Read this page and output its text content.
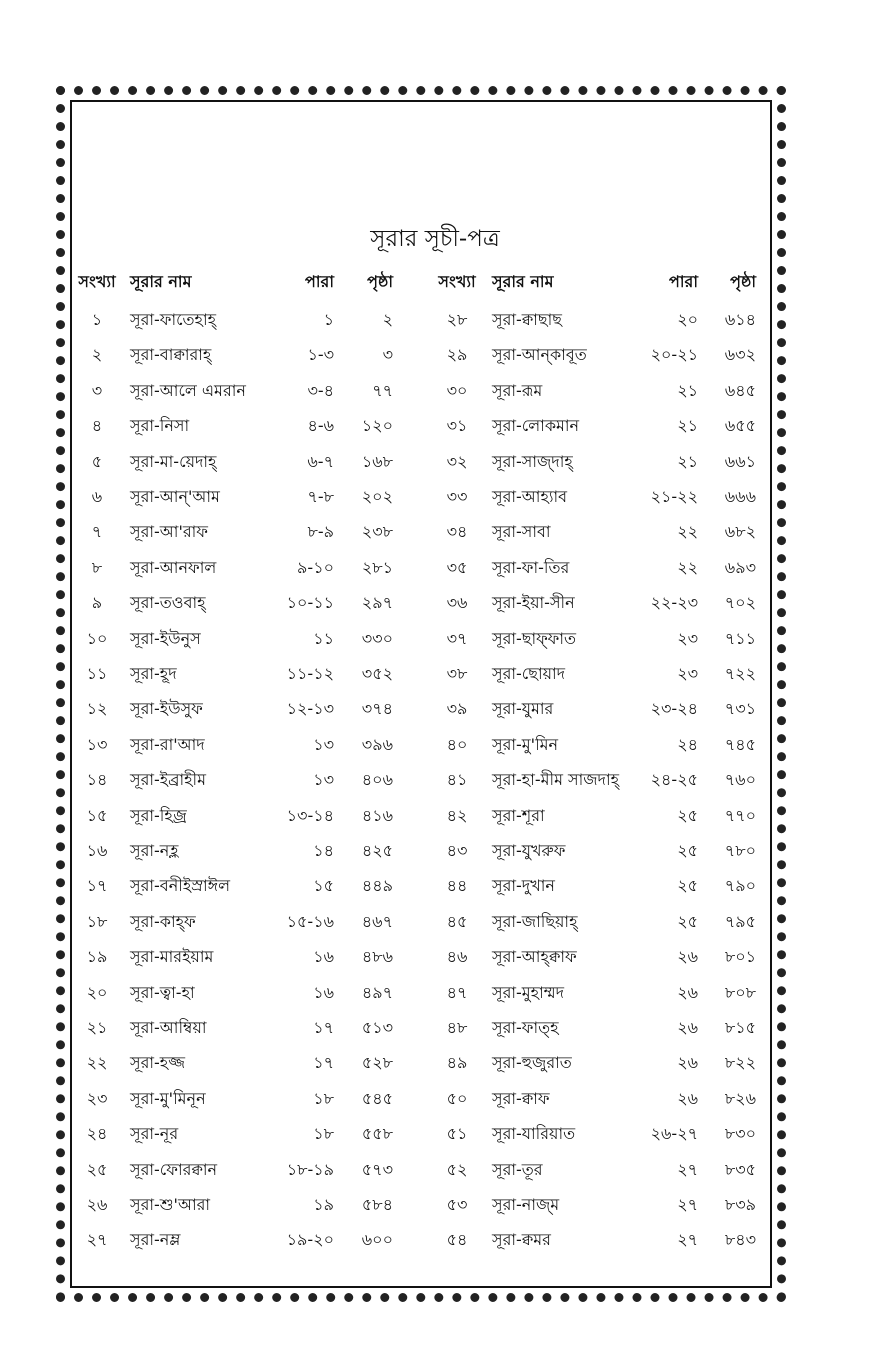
সূরার সূচী-পত্র
সংখ্যা সূরার নাম	পারা	পৃষ্ঠা	সংখ্যা সূরার নাম	পারা	পৃষ্ঠা
১	সূরা-ফাতেহাহ্	১	২	২৮	সূরা-ক্বাছাছ	২০	৬১৪
২	সূরা-বাক্বারাহ্	১-৩	৩	২৯	সূরা-আন্কাবূত	২০-২১	৬৩২
৩	সূরা-আলে এমরান	৩-৪	৭৭	৩০	সূরা-রূম	২১	৬৪৫
৪	সূরা-নিসা	৪-৬	১২০	৩১	সূরা-লোকমান	২১	৬৫৫
৫	সূরা-মা-য়েদাহ্	৬-৭	১৬৮	৩২	সূরা-সাজ্দাহ্	২১	৬৬১
৬	সূরা-আন্'আম	৭-৮	২০২	৩৩	সূরা-আহ্যাব	২১-২২	৬৬৬
৭	সূরা-আ'রাফ	৮-৯	২৩৮	৩৪	সূরা-সাবা	২২	৬৮২
৮	সূরা-আনফাল	৯-১০	২৮১	৩৫	সূরা-ফা-তির	২২	৬৯৩
৯	সূরা-তওবাহ্	১০-১১	২৯৭	৩৬	সূরা-ইয়া-সীন	২২-২৩	৭০২
১০	সূরা-ইউনুস	১১	৩৩০	৩৭	সূরা-ছাফ্ফাত	২৩	৭১১
১১	সূরা-হূদ	১১-১২	৩৫২	৩৮	সূরা-ছোয়াদ	২৩	৭২২
১২	সূরা-ইউসুফ	১২-১৩	৩৭৪	৩৯	সূরা-যুমার	২৩-২৪	৭৩১
১৩	সূরা-রা'আদ	১৩	৩৯৬	৪০	সূরা-মু'মিন	২৪	৭৪৫
১৪	সূরা-ইব্রাহীম	১৩	৪০৬	৪১	সূরা-হা-মীম সাজদাহ্	২৪-২৫	৭৬০
১৫	সূরা-হিজ্র	১৩-১৪	৪১৬	৪২	সূরা-শূরা	২৫	৭৭০
১৬	সূরা-নহ্ল	১৪	৪২৫	৪৩	সূরা-যুখরুফ	২৫	৭৮০
১৭	সূরা-বনীইস্রাঈল	১৫	৪৪৯	৪৪	সূরা-দুখান	২৫	৭৯০
১৮	সূরা-কাহ্ফ	১৫-১৬	৪৬৭	৪৫	সূরা-জাছিয়াহ্	২৫	৭৯৫
১৯	সূরা-মারইয়াম	১৬	৪৮৬	৪৬	সূরা-আহ্ক্বাফ	২৬	৮০১
২০	সূরা-ত্বা-হা	১৬	৪৯৭	৪৭	সূরা-মুহাম্মদ	২৬	৮০৮
২১	সূরা-আম্বিয়া	১৭	৫১৩	৪৮	সূরা-ফাত্হ	২৬	৮১৫
২২	সূরা-হজ্জ	১৭	৫২৮	৪৯	সূরা-হুজুরাত	২৬	৮২২
২৩	সূরা-মু'মিনূন	১৮	৫৪৫	৫০	সূরা-ক্বাফ	২৬	৮২৬
২৪	সূরা-নূর	১৮	৫৫৮	৫১	সূরা-যারিয়াত	২৬-২৭	৮৩০
২৫	সূরা-ফোরক্বান	১৮-১৯	৫৭৩	৫২	সূরা-তূর	২৭	৮৩৫
২৬	সূরা-শু'আরা	১৯	৫৮৪	৫৩	সূরা-নাজ্ম	২৭	৮৩৯
২৭	সূরা-নম্ল	১৯-২০	৬০০	৫৪	সূরা-ক্বমর	২৭	৮৪৩
